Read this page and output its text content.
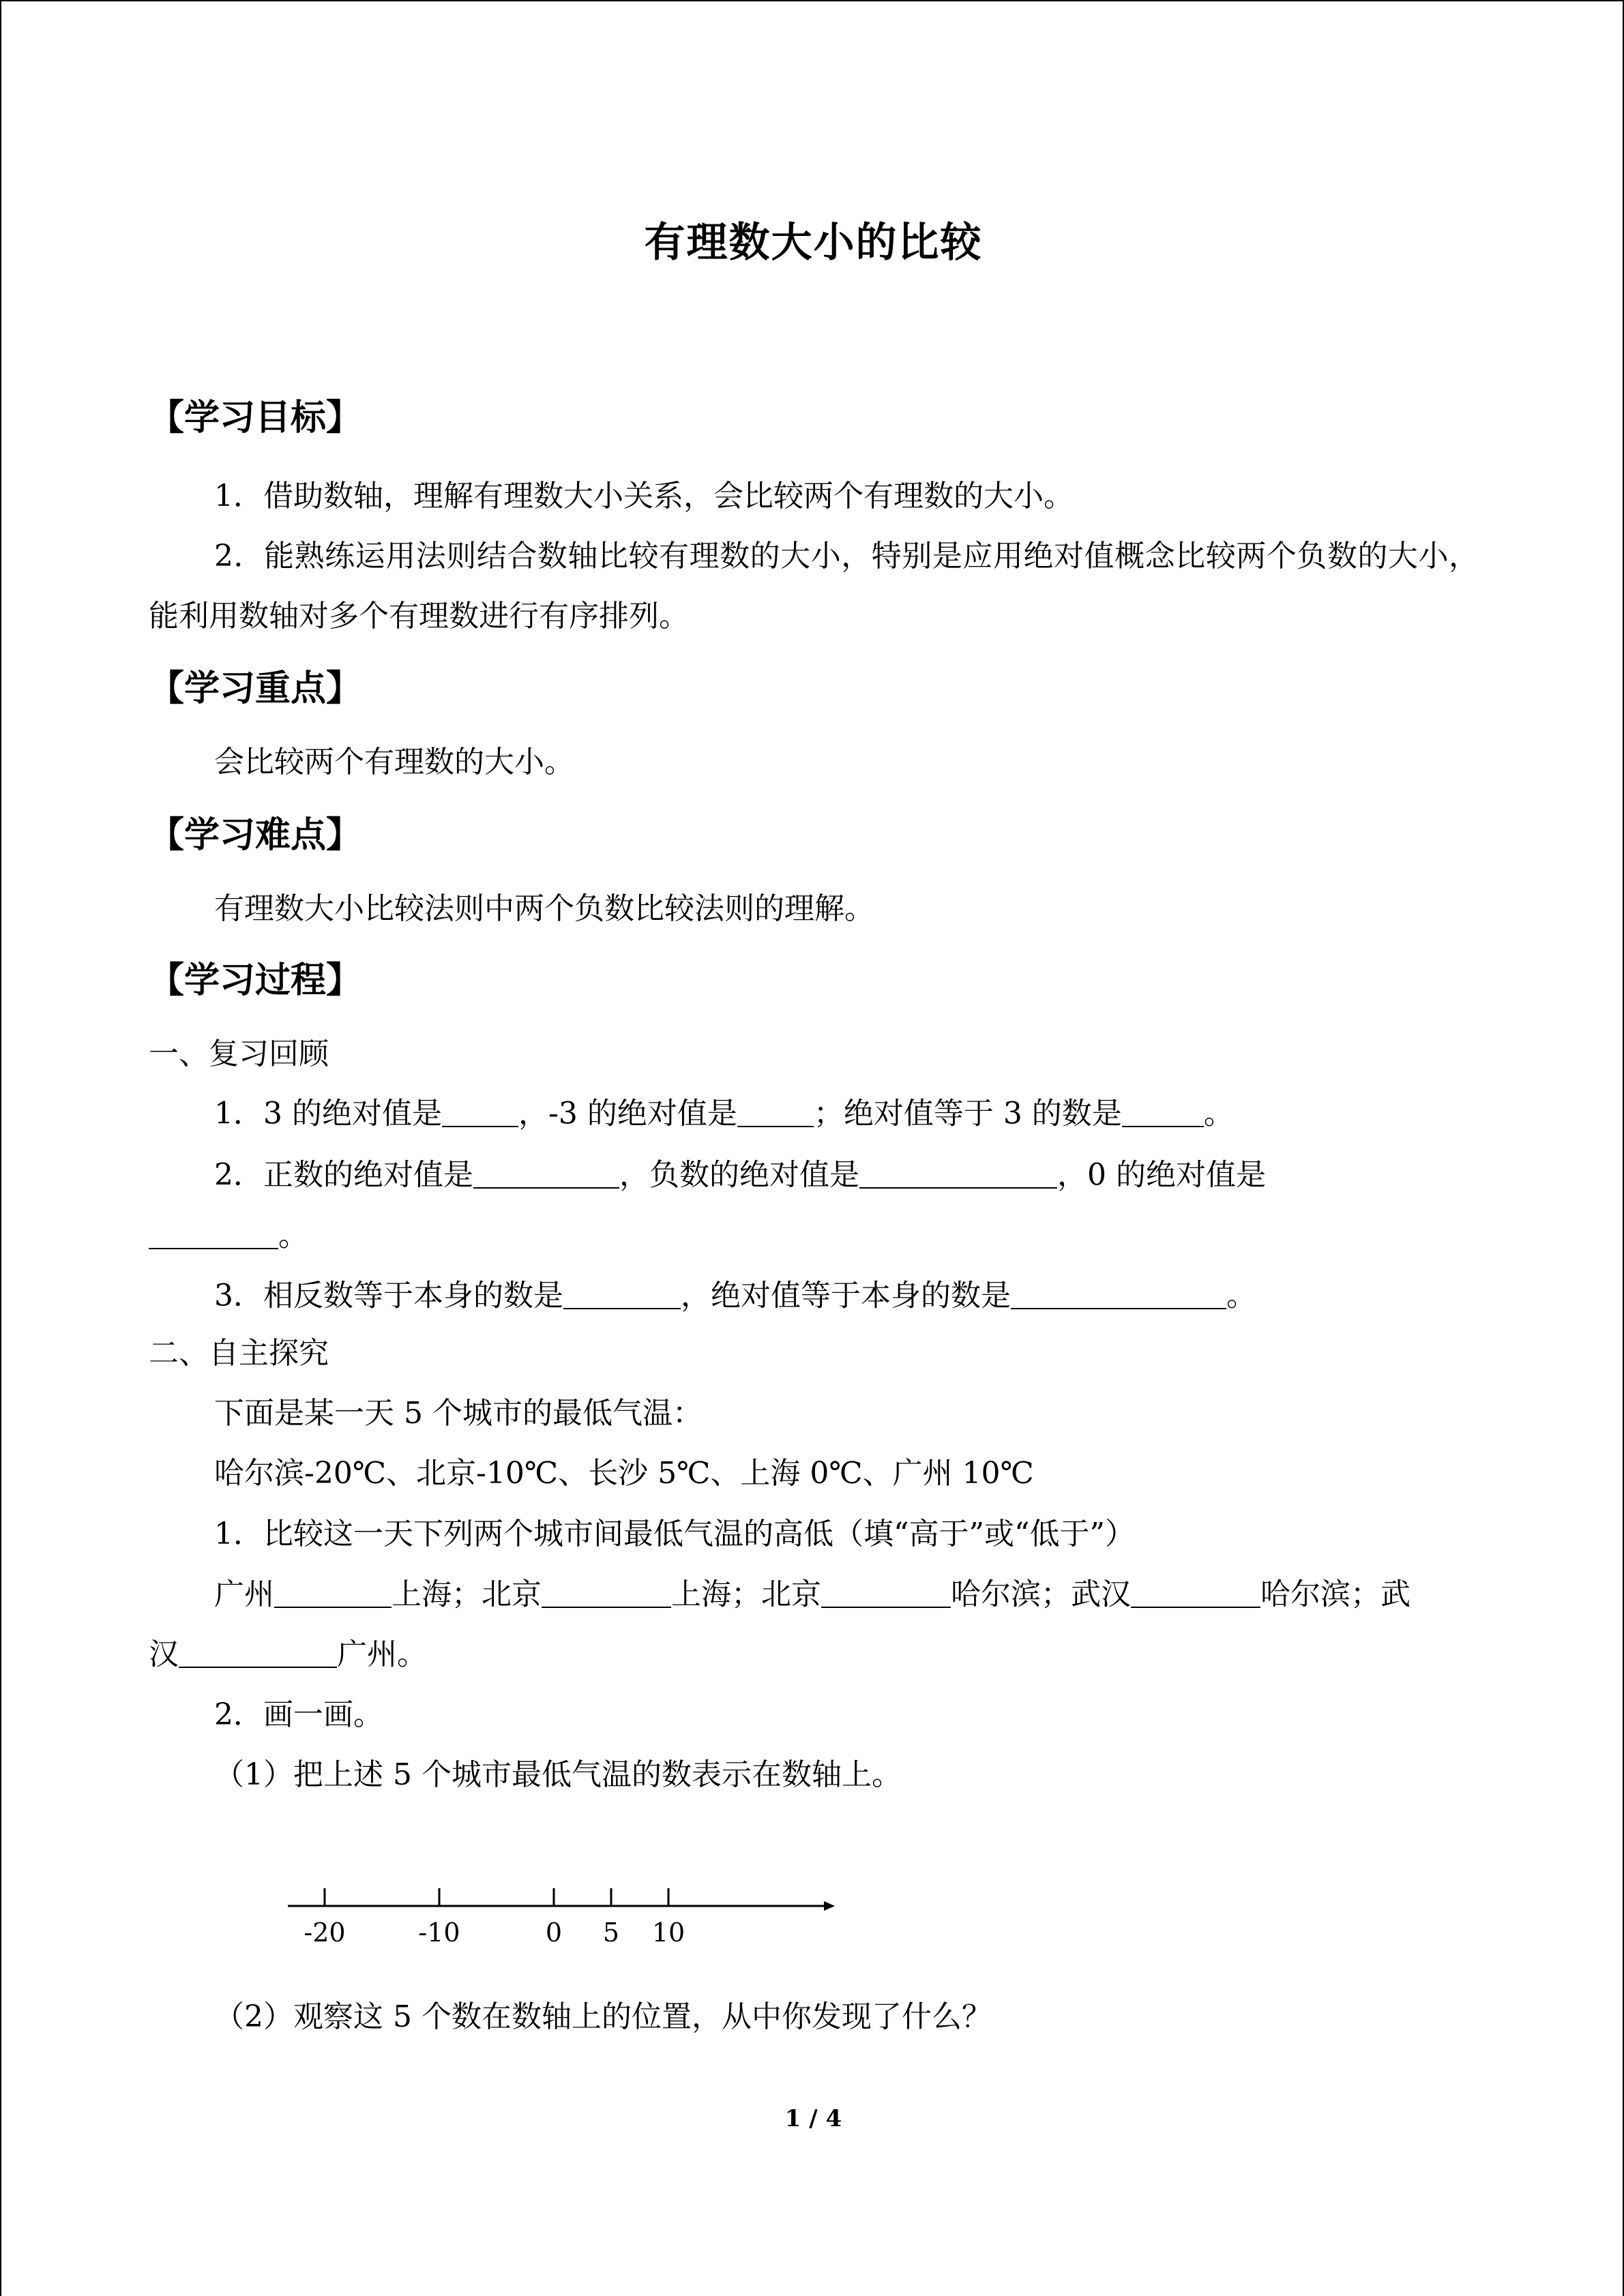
有理数大小的比较
【学习目标】
1．借助数轴，理解有理数大小关系，会比较两个有理数的大小。
2．能熟练运用法则结合数轴比较有理数的大小，特别是应用绝对值概念比较两个负数的大小，能利用数轴对多个有理数进行有序排列。
【学习重点】
会比较两个有理数的大小。
【学习难点】
有理数大小比较法则中两个负数比较法则的理解。
【学习过程】
一、复习回顾
1．3 的绝对值是	，-3 的绝对值是	；绝对值等于 3 的数是	。
2．正数的绝对值是	，负数的绝对值是	，0 的绝对值是
。
3．相反数等于本身的数是	，绝对值等于本身的数是	。
二、自主探究
下面是某一天 5 个城市的最低气温：
哈尔滨-20℃、北京-10℃、长沙 5℃、上海 0℃、广州 10℃
1．比较这一天下列两个城市间最低气温的高低（填“高于”或“低于”）
广州	上海；北京	上海；北京	哈尔滨；武汉	哈尔滨；武
汉	广州。
2．画一画。
（1）把上述 5 个城市最低气温的数表示在数轴上。
-20	-10	0 5 10
（2）观察这 5 个数在数轴上的位置，从中你发现了什么？
1 / 4
